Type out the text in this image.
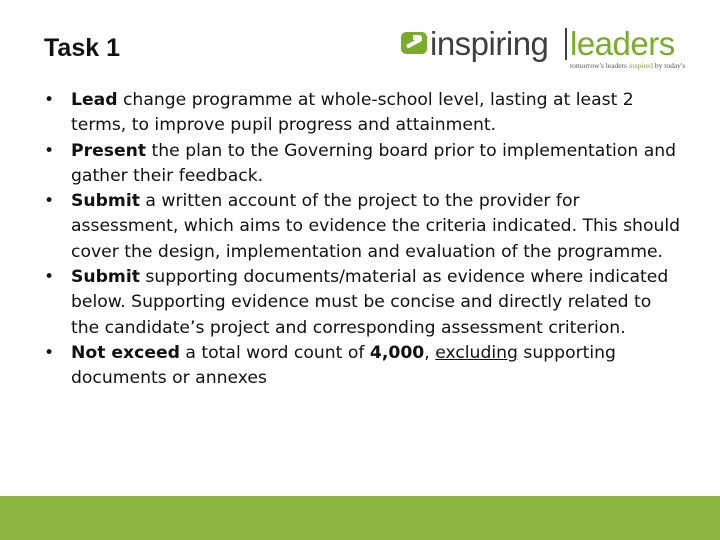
Task 1	inspiring leaders
tomorrow's leaders inspired by today's
• Lead change programme at whole-school level, lasting at least 2 terms, to improve pupil progress and attainment.
• Present the plan to the Governing board prior to implementation and gather their feedback.
• Submit a written account of the project to the provider for assessment, which aims to evidence the criteria indicated. This should cover the design, implementation and evaluation of the programme.
• Submit supporting documents/material as evidence where indicated below. Supporting evidence must be concise and directly related to the candidate’s project and corresponding assessment criterion.
• Not exceed a total word count of 4,000, excluding supporting documents or annexes
